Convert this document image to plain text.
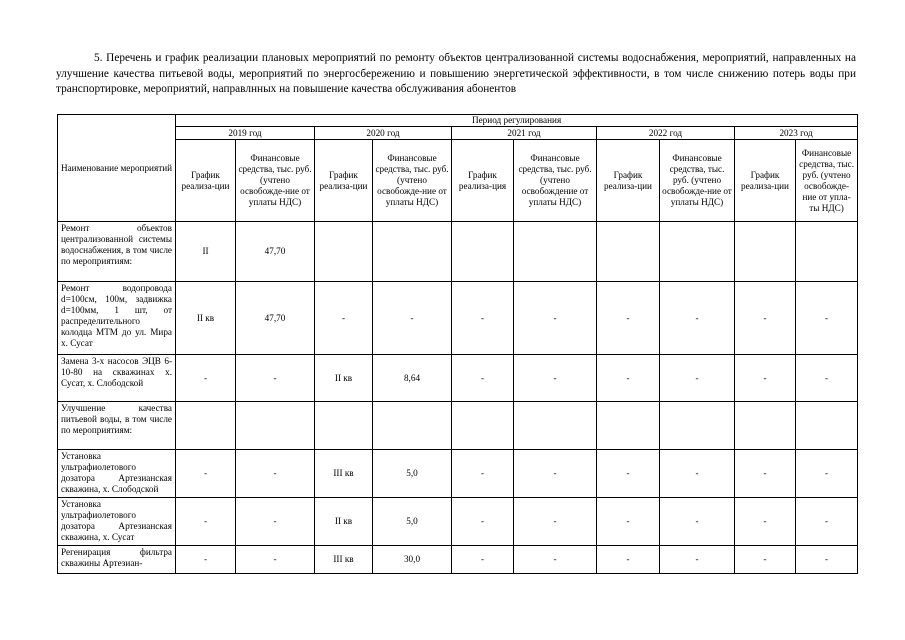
5. Перечень и график реализации плановых мероприятий по ремонту объектов централизованной системы водоснабжения, мероприятий, направленных на улучшение качества питьевой воды, мероприятий по энергосбережению и повышению энергетической эффективности, в том числе снижению потерь воды при транспортировке, мероприятий, направлнных на повышение качества обслуживания абонентов
Наименование мероприятий	Период регулирования									
	2019 год		2020 год		2021 год		2022 год		2023 год	
	График реализа-ции	Финансовые средства, тыс. руб. (учтено освобожде-ние от уплаты НДС)	График реализа-ции	Финансовые средства, тыс. руб. (учтено освобожде-ние от уплаты НДС)	График реализа-ция	Финансовые средства, тыс. руб. (учтено освобождение от уплаты НДС)	График реализа-ции	Финансовые средства, тыс. руб. (учтено освобожде-ние от уплаты НДС)	График реализа-ции	Финансовые средства, тыс. руб. (учтено освобожде-ние от упла-ты НДС)
Ремонт объектов централизованной системы водоснабжения, в том числе по мероприятиям:	II	47,70								
Ремонт водопровода d=100см, 100м, задвижка d=100мм, 1 шт, от распределительного колодца МТМ до ул. Мира х. Сусат	II кв	47,70	-	-	-	-	-	-	-	-
Замена 3-х насосов ЭЦВ 6-10-80 на скважинах х. Сусат, х. Слободской	-	-	II кв	8,64	-	-	-	-	-	-
Улучшение качества питьевой воды, в том числе по мероприятиям:										
Установка ультрафиолетового дозатора Артезианская скважина, х. Слободской	-	-	III кв	5,0	-	-	-	-	-	-
Установка ультрафиолетового дозатора Артезианская скважина, х. Сусат	-	-	II кв	5,0	-	-	-	-	-	-
Регенирация фильтра скважины Артезиан-	-	-	III кв	30,0	-	-	-	-	-	-
